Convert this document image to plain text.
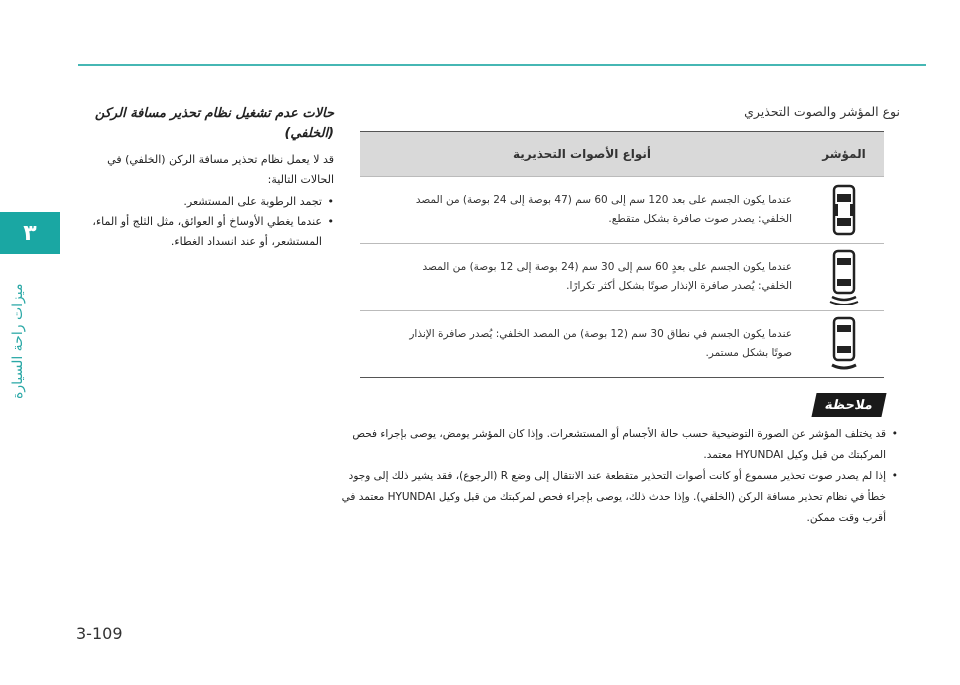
٣
ميزات راحة السيارة
3-109
نوع المؤشر والصوت التحذيري
المؤشر
أنواع الأصوات التحذيرية
عندما يكون الجسم على بعد 120 سم إلى 60 سم (47 بوصة إلى 24 بوصة) من المصد الخلفي: يصدر صوت صافرة بشكل متقطع.
عندما يكون الجسم على بعدٍ 60 سم إلى 30 سم (24 بوصة إلى 12 بوصة) من المصد الخلفي: يُصدر صافرة الإنذار صوتًا بشكل أكثر تكرارًا.
عندما يكون الجسم في نطاق 30 سم (12 بوصة) من المصد الخلفي: يُصدر صافرة الإنذار صوتًا بشكل مستمر.
ملاحظة
• قد يختلف المؤشر عن الصورة التوضيحية حسب حالة الأجسام أو المستشعرات. وإذا كان المؤشر يومض، يوصى بإجراء فحص المركبتك من قبل وكيل HYUNDAI معتمد.
• إذا لم يصدر صوت تحذير مسموع أو كانت أصوات التحذير متقطعة عند الانتقال إلى وضع R (الرجوع)، فقد يشير ذلك إلى وجود خطأ في نظام تحذير مسافة الركن (الخلفي). وإذا حدث ذلك، يوصى بإجراء فحص لمركبتك من قبل وكيل HYUNDAI معتمد في أقرب وقت ممكن.
حالات عدم تشغيل نظام تحذير مسافة الركن (الخلفي)
قد لا يعمل نظام تحذير مسافة الركن (الخلفي) في الحالات التالية:
• تجمد الرطوبة على المستشعر.
• عندما يغطي الأوساخ أو العوائق، مثل الثلج أو الماء، المستشعر، أو عند انسداد الغطاء.
